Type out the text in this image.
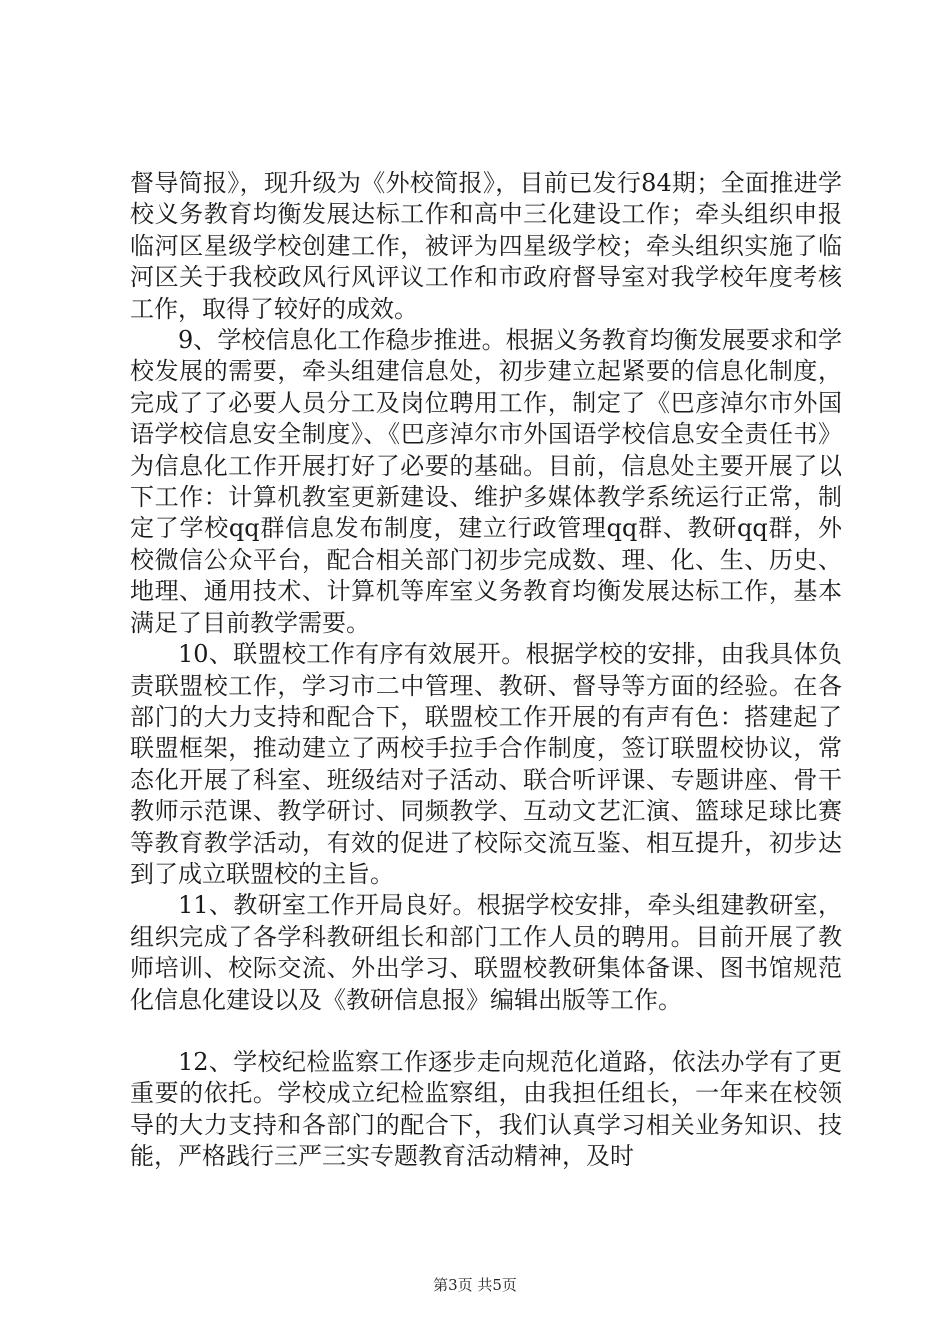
督导简报》，现升级为《外校简报》，目前已发行84期；全面推进学校义务教育均衡发展达标工作和高中三化建设工作；牵头组织申报临河区星级学校创建工作，被评为四星级学校；牵头组织实施了临河区关于我校政风行风评议工作和市政府督导室对我学校年度考核工作，取得了较好的成效。

9、学校信息化工作稳步推进。根据义务教育均衡发展要求和学校发展的需要，牵头组建信息处，初步建立起紧要的信息化制度，完成了了必要人员分工及岗位聘用工作，制定了《巴彦淖尔市外国语学校信息安全制度》、《巴彦淖尔市外国语学校信息安全责任书》为信息化工作开展打好了必要的基础。目前，信息处主要开展了以下工作：计算机教室更新建设、维护多媒体教学系统运行正常，制定了学校qq群信息发布制度，建立行政管理qq群、教研qq群，外校微信公众平台，配合相关部门初步完成数、理、化、生、历史、地理、通用技术、计算机等库室义务教育均衡发展达标工作，基本满足了目前教学需要。

10、联盟校工作有序有效展开。根据学校的安排，由我具体负责联盟校工作，学习市二中管理、教研、督导等方面的经验。在各部门的大力支持和配合下，联盟校工作开展的有声有色：搭建起了联盟框架，推动建立了两校手拉手合作制度，签订联盟校协议，常态化开展了科室、班级结对子活动、联合听评课、专题讲座、骨干教师示范课、教学研讨、同频教学、互动文艺汇演、篮球足球比赛等教育教学活动，有效的促进了校际交流互鉴、相互提升，初步达到了成立联盟校的主旨。

11、教研室工作开局良好。根据学校安排，牵头组建教研室，组织完成了各学科教研组长和部门工作人员的聘用。目前开展了教师培训、校际交流、外出学习、联盟校教研集体备课、图书馆规范化信息化建设以及《教研信息报》编辑出版等工作。

12、学校纪检监察工作逐步走向规范化道路，依法办学有了更重要的依托。学校成立纪检监察组，由我担任组长，一年来在校领导的大力支持和各部门的配合下，我们认真学习相关业务知识、技能，严格践行三严三实专题教育活动精神，及时

第3页 共5页
